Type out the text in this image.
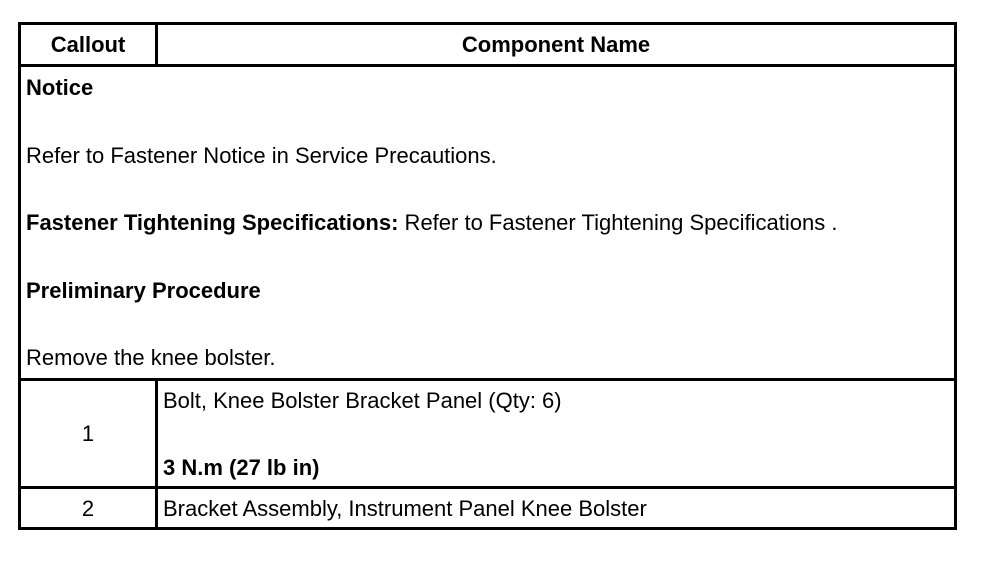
Callout	Component Name
Notice
Refer to Fastener Notice in Service Precautions.
Fastener Tightening Specifications: Refer to Fastener Tightening Specifications .
Preliminary Procedure
Remove the knee bolster.
1
Bolt, Knee Bolster Bracket Panel (Qty: 6)
3 N.m (27 lb in)
2	Bracket Assembly, Instrument Panel Knee Bolster
